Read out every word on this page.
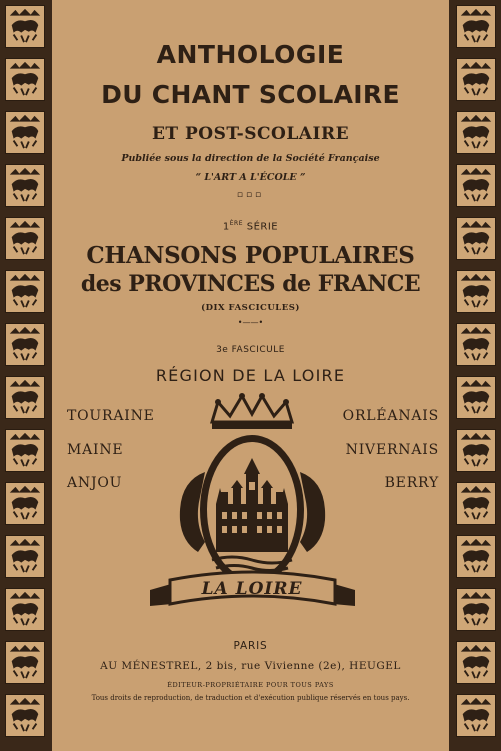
ANTHOLOGIE
DU CHANT SCOLAIRE
ET POST-SCOLAIRE
Publiée sous la direction de la Société Française
“ L'ART A L'ÉCOLE ”
▫▫▫
1ÈRE SÉRIE
CHANSONS POPULAIRES
des PROVINCES de FRANCE
(DIX FASCICULES)
•——•
3e FASCICULE
RÉGION DE LA LOIRE
TOURAINE
MAINE
ANJOU
ORLÉANAIS
NIVERNAIS
BERRY
LA LOIRE
PARIS
AU MÉNESTREL, 2 bis, rue Vivienne (2e), HEUGEL
ÉDITEUR-PROPRIÉTAIRE POUR TOUS PAYS
Tous droits de reproduction, de traduction et d'exécution publique réservés en tous pays.
